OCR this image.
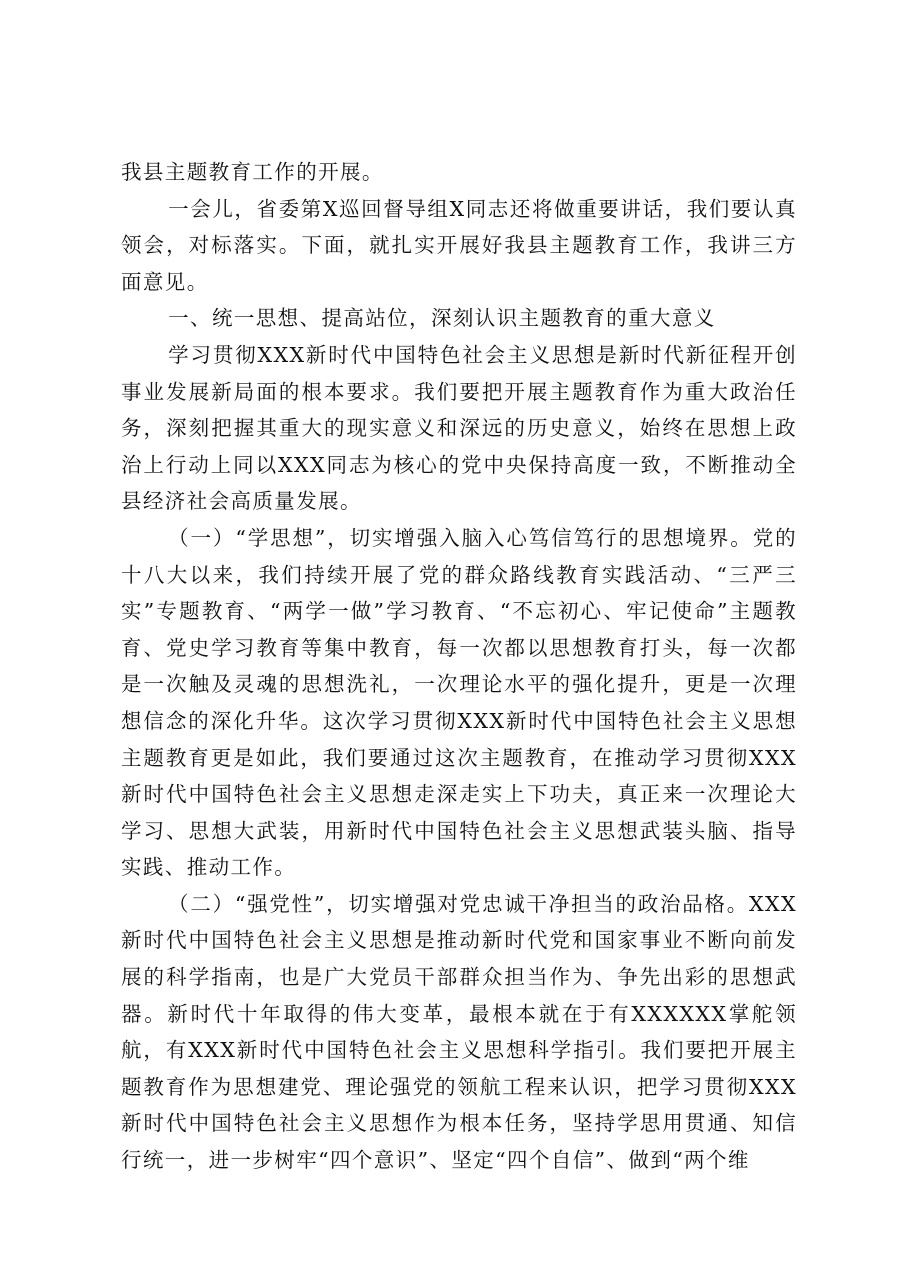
我县主题教育工作的开展。

一会儿，省委第X巡回督导组X同志还将做重要讲话，我们要认真领会，对标落实。下面，就扎实开展好我县主题教育工作，我讲三方面意见。

一、统一思想、提高站位，深刻认识主题教育的重大意义

学习贯彻XXX新时代中国特色社会主义思想是新时代新征程开创事业发展新局面的根本要求。我们要把开展主题教育作为重大政治任务，深刻把握其重大的现实意义和深远的历史意义，始终在思想上政治上行动上同以XXX同志为核心的党中央保持高度一致，不断推动全县经济社会高质量发展。

（一）“学思想”，切实增强入脑入心笃信笃行的思想境界。党的十八大以来，我们持续开展了党的群众路线教育实践活动、“三严三实”专题教育、“两学一做”学习教育、“不忘初心、牢记使命”主题教育、党史学习教育等集中教育，每一次都以思想教育打头，每一次都是一次触及灵魂的思想洗礼，一次理论水平的强化提升，更是一次理想信念的深化升华。这次学习贯彻XXX新时代中国特色社会主义思想主题教育更是如此，我们要通过这次主题教育，在推动学习贯彻XXX新时代中国特色社会主义思想走深走实上下功夫，真正来一次理论大学习、思想大武装，用新时代中国特色社会主义思想武装头脑、指导实践、推动工作。

（二）“强党性”，切实增强对党忠诚干净担当的政治品格。XXX新时代中国特色社会主义思想是推动新时代党和国家事业不断向前发展的科学指南，也是广大党员干部群众担当作为、争先出彩的思想武器。新时代十年取得的伟大变革，最根本就在于有XXXXXX掌舵领航，有XXX新时代中国特色社会主义思想科学指引。我们要把开展主题教育作为思想建党、理论强党的领航工程来认识，把学习贯彻XXX新时代中国特色社会主义思想作为根本任务，坚持学思用贯通、知信行统一，进一步树牢“四个意识”、坚定“四个自信”、做到“两个维
